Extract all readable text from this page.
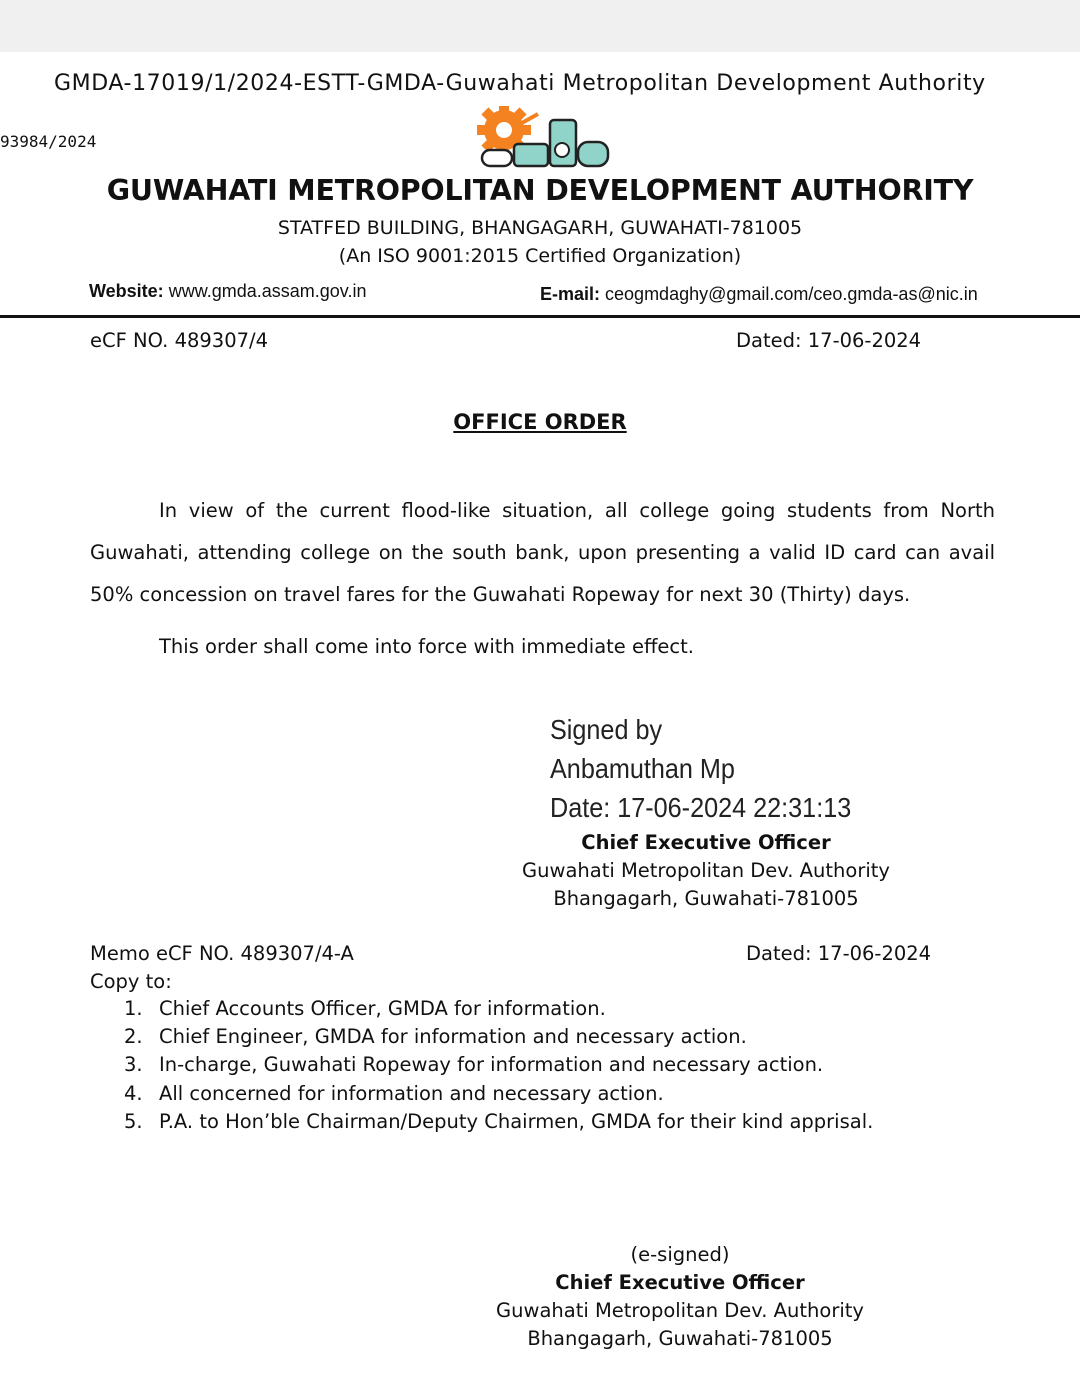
GMDA-17019/1/2024-ESTT-GMDA-Guwahati Metropolitan Development Authority
93984/2024
GUWAHATI METROPOLITAN DEVELOPMENT AUTHORITY
STATFED BUILDING, BHANGAGARH, GUWAHATI-781005
(An ISO 9001:2015 Certified Organization)
Website: www.gmda.assam.gov.in	E-mail: ceogmdaghy@gmail.com/ceo.gmda-as@nic.in
eCF NO. 489307/4	Dated: 17-06-2024
OFFICE ORDER
In view of the current flood-like situation, all college going students from North Guwahati, attending college on the south bank, upon presenting a valid ID card can avail 50% concession on travel fares for the Guwahati Ropeway for next 30 (Thirty) days.
This order shall come into force with immediate effect.
Signed by
Anbamuthan Mp
Date: 17-06-2024 22:31:13
Chief Executive Officer
Guwahati Metropolitan Dev. Authority
Bhangagarh, Guwahati-781005
Memo eCF NO. 489307/4-A	Dated: 17-06-2024
Copy to:
1. Chief Accounts Officer, GMDA for information.
2. Chief Engineer, GMDA for information and necessary action.
3. In-charge, Guwahati Ropeway for information and necessary action.
4. All concerned for information and necessary action.
5. P.A. to Hon’ble Chairman/Deputy Chairmen, GMDA for their kind apprisal.
(e-signed)
Chief Executive Officer
Guwahati Metropolitan Dev. Authority
Bhangagarh, Guwahati-781005
